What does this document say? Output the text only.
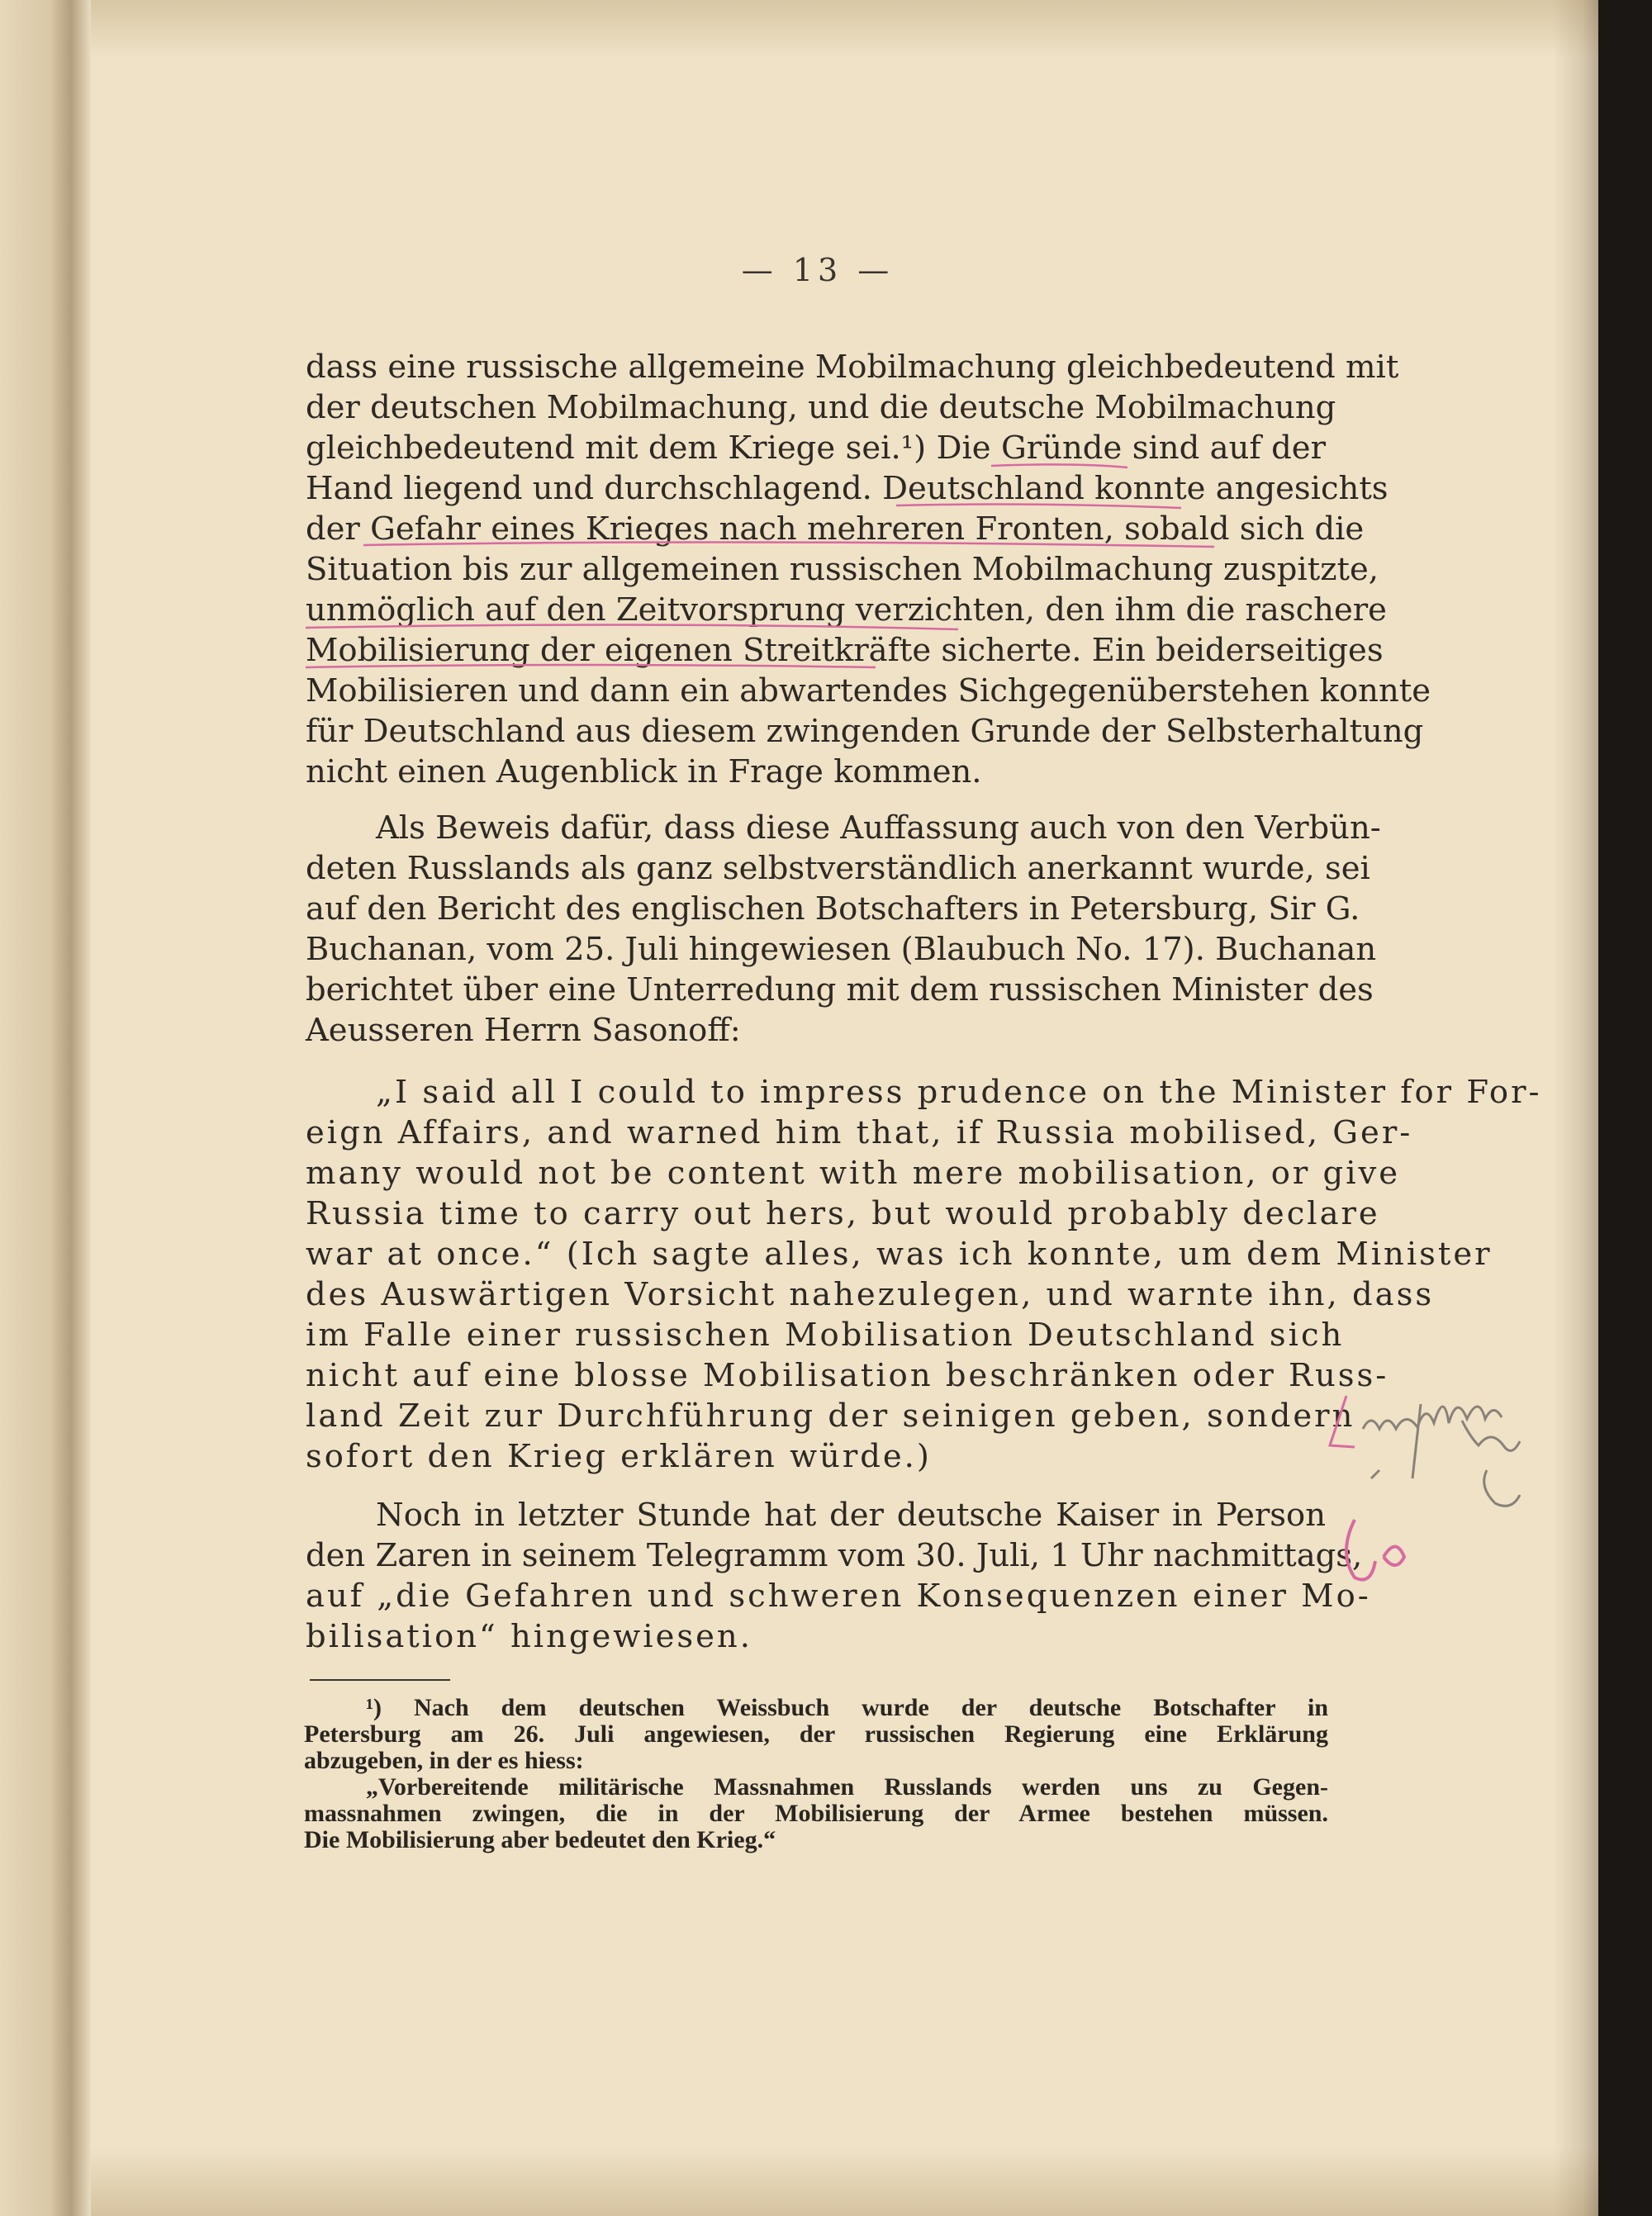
— 13 —
dass eine russische allgemeine Mobilmachung gleichbedeutend mit
der deutschen Mobilmachung, und die deutsche Mobilmachung
gleichbedeutend mit dem Kriege sei.¹) Die Gründe sind auf der
Hand liegend und durchschlagend. Deutschland konnte angesichts
der Gefahr eines Krieges nach mehreren Fronten, sobald sich die
Situation bis zur allgemeinen russischen Mobilmachung zuspitzte,
unmöglich auf den Zeitvorsprung verzichten, den ihm die raschere
Mobilisierung der eigenen Streitkräfte sicherte. Ein beiderseitiges
Mobilisieren und dann ein abwartendes Sichgegenüberstehen konnte
für Deutschland aus diesem zwingenden Grunde der Selbsterhaltung
nicht einen Augenblick in Frage kommen.
Als Beweis dafür, dass diese Auffassung auch von den Verbün-
deten Russlands als ganz selbstverständlich anerkannt wurde, sei
auf den Bericht des englischen Botschafters in Petersburg, Sir G.
Buchanan, vom 25. Juli hingewiesen (Blaubuch No. 17). Buchanan
berichtet über eine Unterredung mit dem russischen Minister des
Aeusseren Herrn Sasonoff:
„I said all I could to impress prudence on the Minister for For-
eign Affairs, and warned him that, if Russia mobilised, Ger-
many would not be content with mere mobilisation, or give
Russia time to carry out hers, but would probably declare
war at once.“ (Ich sagte alles, was ich konnte, um dem Minister
des Auswärtigen Vorsicht nahezulegen, und warnte ihn, dass
im Falle einer russischen Mobilisation Deutschland sich
nicht auf eine blosse Mobilisation beschränken oder Russ-
land Zeit zur Durchführung der seinigen geben, sondern
sofort den Krieg erklären würde.)
Noch in letzter Stunde hat der deutsche Kaiser in Person
den Zaren in seinem Telegramm vom 30. Juli, 1 Uhr nachmittags,
auf „die Gefahren und schweren Konsequenzen einer Mo-
bilisation“ hingewiesen.
¹) Nach dem deutschen Weissbuch wurde der deutsche Botschafter in
Petersburg am 26. Juli angewiesen, der russischen Regierung eine Erklärung
abzugeben, in der es hiess:
„Vorbereitende militärische Massnahmen Russlands werden uns zu Gegen-
massnahmen zwingen, die in der Mobilisierung der Armee bestehen müssen.
Die Mobilisierung aber bedeutet den Krieg.“
